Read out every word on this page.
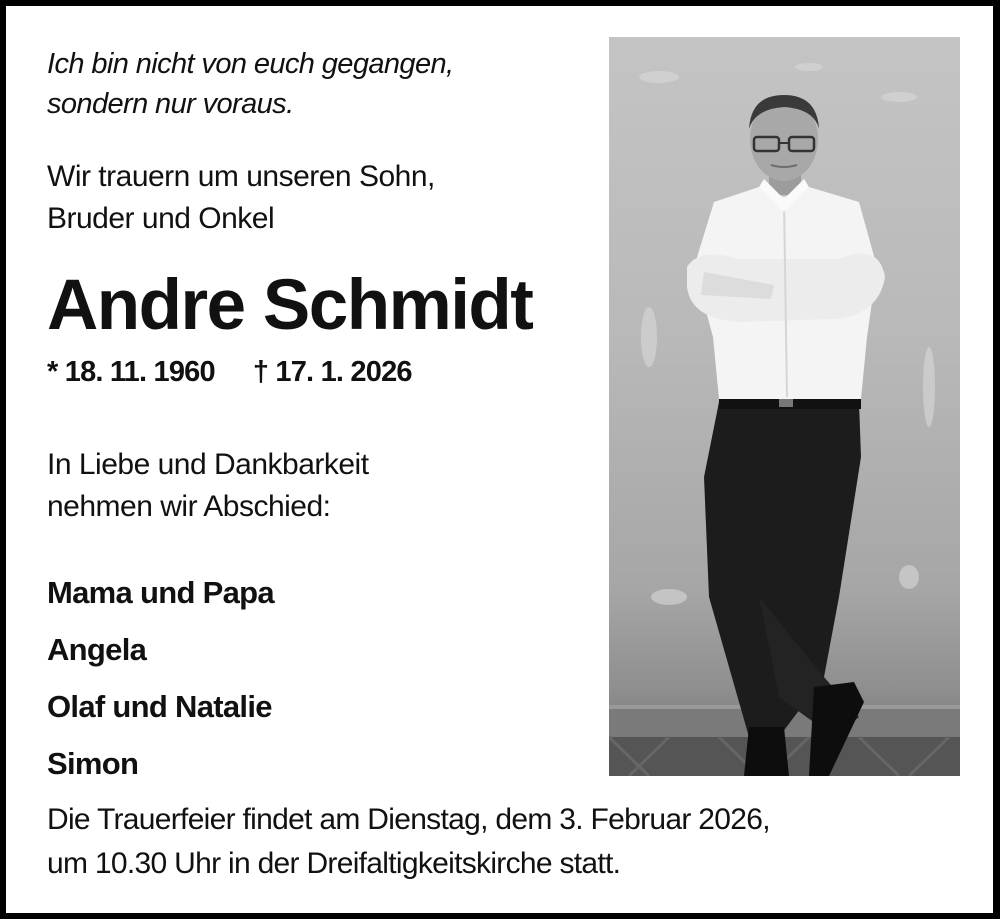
Ich bin nicht von euch gegangen,
sondern nur voraus.
Wir trauern um unseren Sohn,
Bruder und Onkel
Andre Schmidt
* 18. 11. 1960 † 17. 1. 2026
In Liebe und Dankbarkeit
nehmen wir Abschied:
Mama und Papa
Angela
Olaf und Natalie
Simon
Die Trauerfeier findet am Dienstag, dem 3. Februar 2026,
um 10.30 Uhr in der Dreifaltigkeitskirche statt.
